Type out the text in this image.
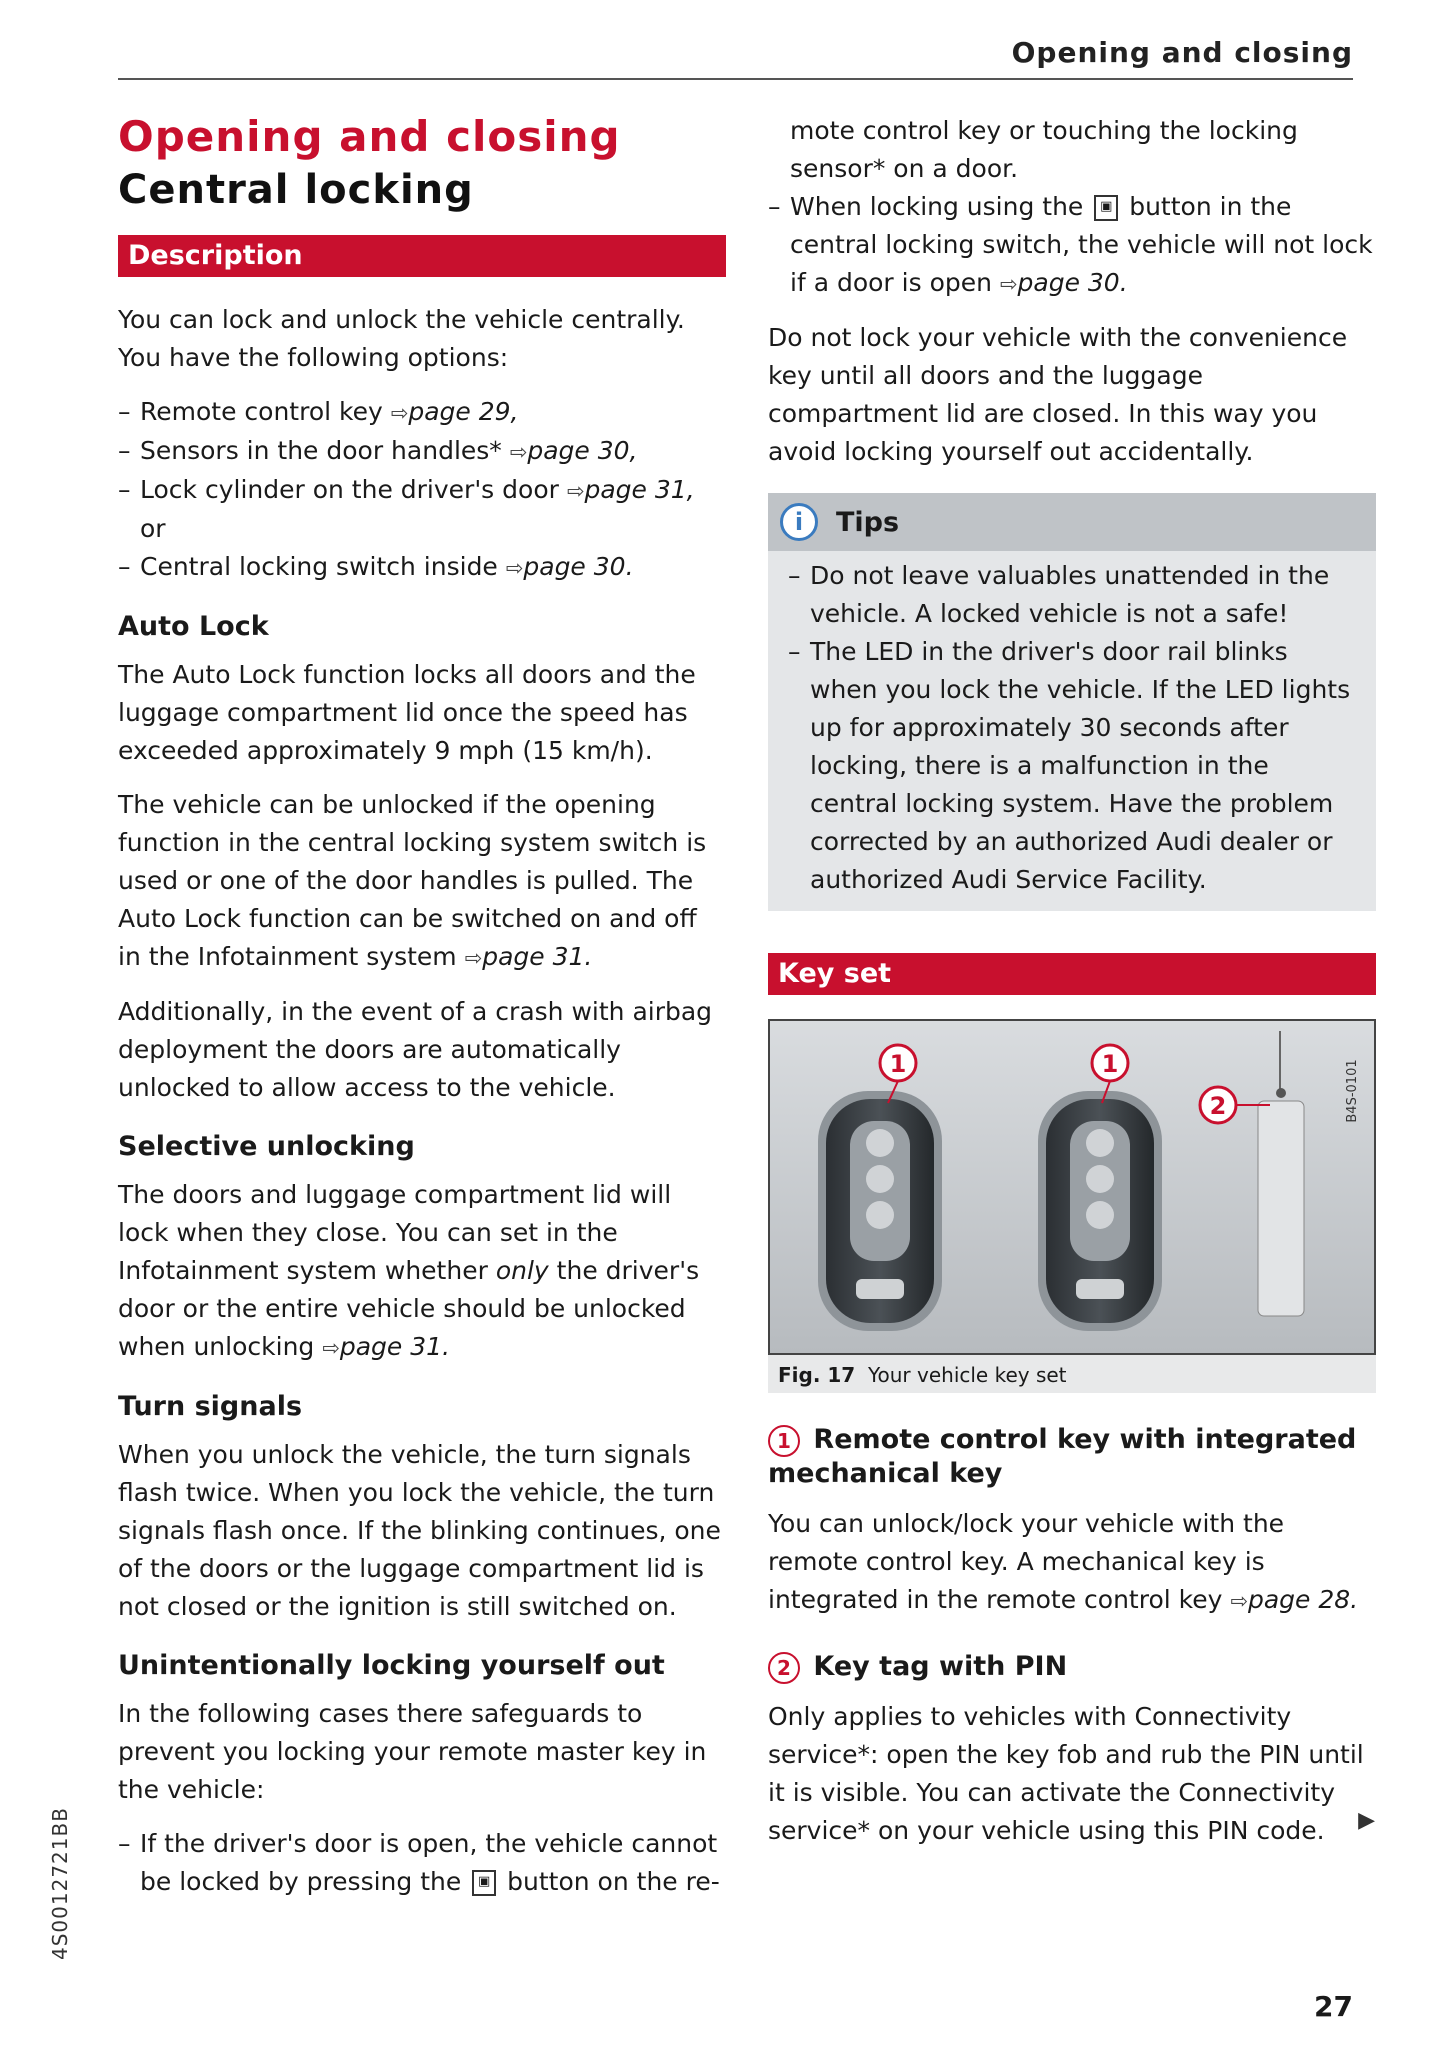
Opening and closing
Opening and closing
Central locking
Description

You can lock and unlock the vehicle centrally. You have the following options:

– Remote control key ⇨page 29,
– Sensors in the door handles* ⇨page 30,
– Lock cylinder on the driver's door ⇨page 31,
or
– Central locking switch inside ⇨page 30.
Auto Lock

The Auto Lock function locks all doors and the luggage compartment lid once the speed has exceeded approximately 9 mph (15 km/h).

The vehicle can be unlocked if the opening function in the central locking system switch is used or one of the door handles is pulled. The Auto Lock function can be switched on and off in the Infotainment system ⇨page 31.

Additionally, in the event of a crash with airbag deployment the doors are automatically unlocked to allow access to the vehicle.

Selective unlocking

The doors and luggage compartment lid will lock when they close. You can set in the Infotainment system whether only the driver's door or the entire vehicle should be unlocked when unlocking ⇨page 31.

Turn signals

When you unlock the vehicle, the turn signals flash twice. When you lock the vehicle, the turn signals flash once. If the blinking continues, one of the doors or the luggage compartment lid is not closed or the ignition is still switched on.

Unintentionally locking yourself out

In the following cases there safeguards to prevent you locking your remote master key in the vehicle:

– If the driver's door is open, the vehicle cannot be locked by pressing the ▣ button on the re-

mote control key or touching the locking sensor* on a door.

– When locking using the ▣ button in the central locking switch, the vehicle will not lock if a door is open ⇨page 30.

Do not lock your vehicle with the convenience key until all doors and the luggage compartment lid are closed. In this way you avoid locking yourself out accidentally.

i	Tips
– Do not leave valuables unattended in the vehicle. A locked vehicle is not a safe!
– The LED in the driver's door rail blinks when you lock the vehicle. If the LED lights up for approximately 30 seconds after locking, there is a malfunction in the central locking system. Have the problem corrected by an authorized Audi dealer or authorized Audi Service Facility.
Key set
1	1
2	B4S-0101
Fig. 17 Your vehicle key set
1 Remote control key with integrated mechanical key

You can unlock/lock your vehicle with the remote control key. A mechanical key is integrated in the remote control key ⇨page 28.

2 Key tag with PIN

Only applies to vehicles with Connectivity service*: open the key fob and rub the PIN until it is visible. You can activate the Connectivity service* on your vehicle using this PIN code.	▶
4S0012721BB
27
